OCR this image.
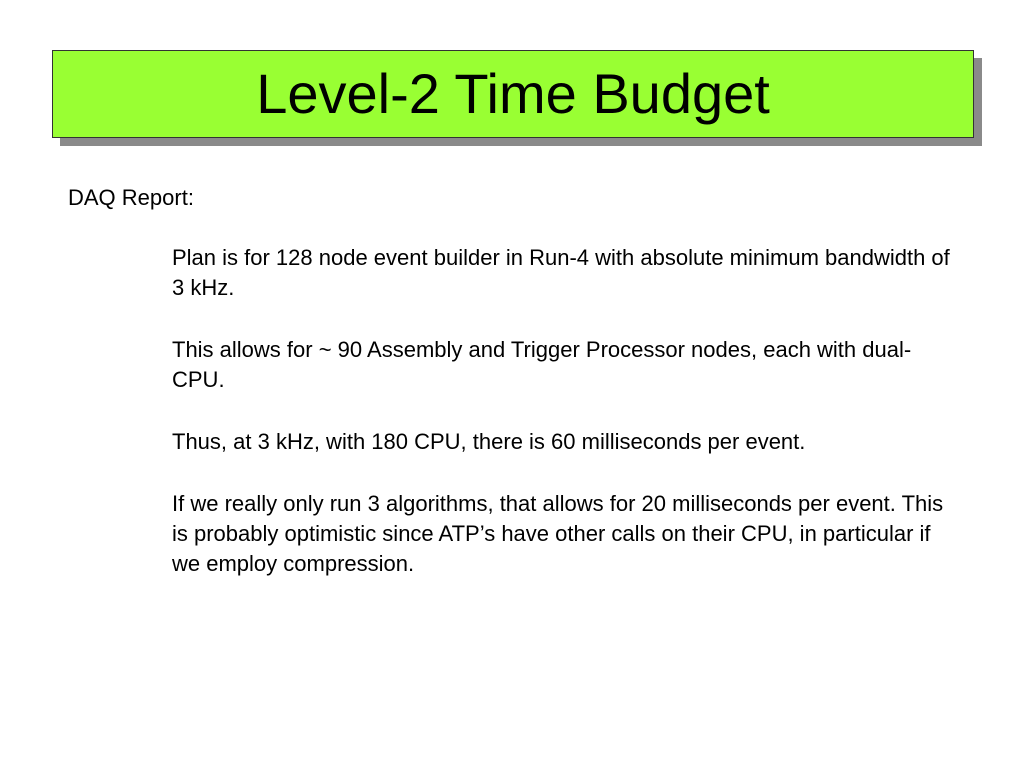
Level-2 Time Budget
DAQ Report:
Plan is for 128 node event builder in Run-4 with absolute minimum bandwidth of 3 kHz.
This allows for ~ 90 Assembly and Trigger Processor nodes, each with dual-CPU.
Thus, at 3 kHz, with 180 CPU, there is 60 milliseconds per event.
If we really only run 3 algorithms, that allows for 20 milliseconds per event. This is probably optimistic since ATP’s have other calls on their CPU, in particular if we employ compression.
